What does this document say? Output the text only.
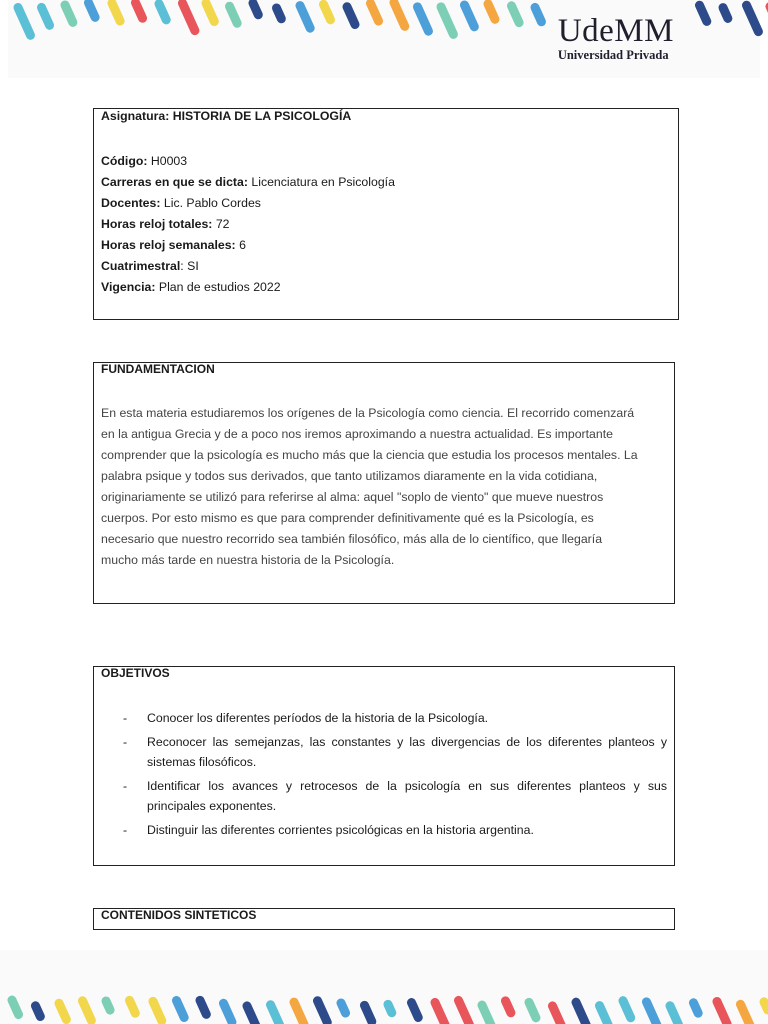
UdeMM
Universidad Privada
Asignatura: HISTORIA DE LA PSICOLOGÍA
Código: H0003
Carreras en que se dicta: Licenciatura en Psicología
Docentes: Lic. Pablo Cordes
Horas reloj totales: 72
Horas reloj semanales: 6
Cuatrimestral: SI
Vigencia: Plan de estudios 2022
FUNDAMENTACION
En esta materia estudiaremos los orígenes de la Psicología como ciencia. El recorrido comenzará
en la antigua Grecia y de a poco nos iremos aproximando a nuestra actualidad. Es importante
comprender que la psicología es mucho más que la ciencia que estudia los procesos mentales. La
palabra psique y todos sus derivados, que tanto utilizamos diaramente en la vida cotidiana,
originariamente se utilizó para referirse al alma: aquel "soplo de viento" que mueve nuestros
cuerpos. Por esto mismo es que para comprender definitivamente qué es la Psicología, es
necesario que nuestro recorrido sea también filosófico, más alla de lo científico, que llegaría
mucho más tarde en nuestra historia de la Psicología.
OBJETIVOS
- Conocer los diferentes períodos de la historia de la Psicología.
- Reconocer las semejanzas, las constantes y las divergencias de los diferentes planteos y sistemas filosóficos.
- Identificar los avances y retrocesos de la psicología en sus diferentes planteos y sus principales exponentes.
- Distinguir las diferentes corrientes psicológicas en la historia argentina.
CONTENIDOS SINTETICOS
